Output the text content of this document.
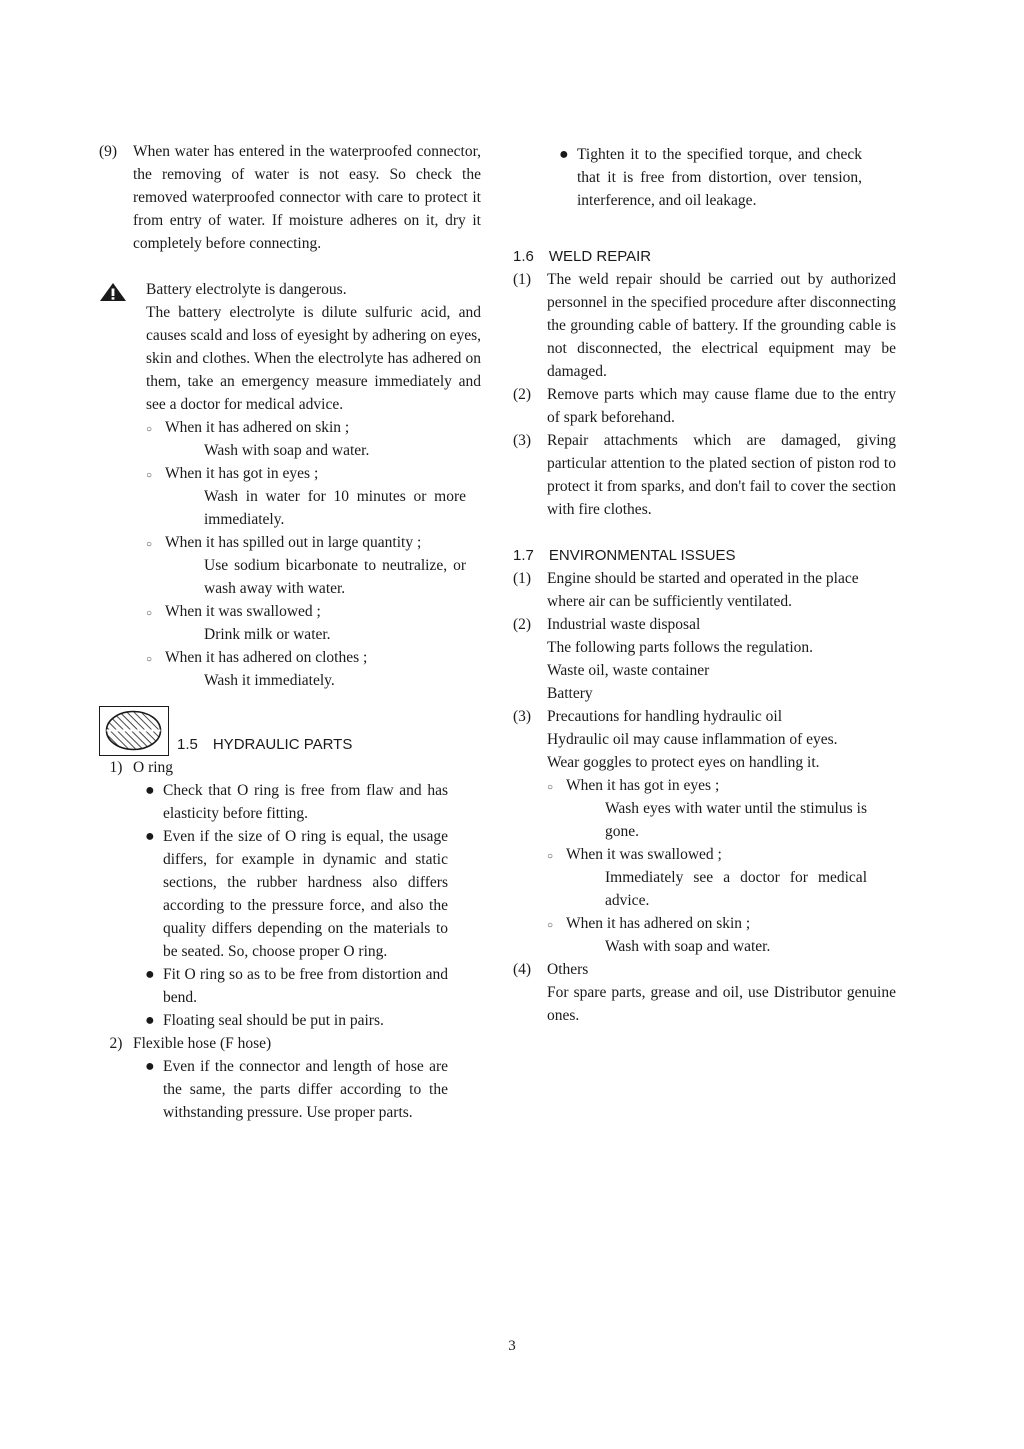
(9)	When water has entered in the waterproofed connector, the removing of water is not easy. So check the removed waterproofed connector with care to protect it from entry of water. If moisture adheres on it, dry it completely before connecting.

Battery electrolyte is dangerous.

The battery electrolyte is dilute sulfuric acid, and causes scald and loss of eyesight by adhering on eyes, skin and clothes. When the electrolyte has adhered on them, take an emergency measure immediately and see a doctor for medical advice.

○ When it has adhered on skin ;

Wash with soap and water.

○ When it has got in eyes ;

Wash in water for 10 minutes or more immediately.

○ When it has spilled out in large quantity ;

Use sodium bicarbonate to neutralize, or wash away with water.

○ When it was swallowed ;

Drink milk or water.

○ When it has adhered on clothes ;

Wash it immediately.

1.5　HYDRAULIC PARTS
1) O ring
● Check that O ring is free from flaw and has elasticity before fitting.

● Even if the size of O ring is equal, the usage differs, for example in dynamic and static sections, the rubber hardness also differs according to the pressure force, and also the quality differs depending on the materials to be seated. So, choose proper O ring.

● Fit O ring so as to be free from distortion and bend.

● Floating seal should be put in pairs.

2) Flexible hose (F hose)
● Even if the connector and length of hose are the same, the parts differ according to the withstanding pressure. Use proper parts.

● Tighten it to the specified torque, and check that it is free from distortion, over tension, interference, and oil leakage.

1.6　WELD REPAIR
(1)	The weld repair should be carried out by authorized personnel in the specified procedure after disconnecting the grounding cable of battery. If the grounding cable is not disconnected, the electrical equipment may be damaged.

(2)	Remove parts which may cause flame due to the entry of spark beforehand.

(3)	Repair attachments which are damaged, giving particular attention to the plated section of piston rod to protect it from sparks, and don't fail to cover the section with fire clothes.

1.7　ENVIRONMENTAL ISSUES
(1)	Engine should be started and operated in the place where air can be sufficiently ventilated.

(2)	Industrial waste disposal

The following parts follows the regulation.

Waste oil, waste container

Battery

(3)	Precautions for handling hydraulic oil

Hydraulic oil may cause inflammation of eyes.

Wear goggles to protect eyes on handling it.

○ When it has got in eyes ;

Wash eyes with water until the stimulus is gone.

○ When it was swallowed ;

Immediately see a doctor for medical advice.

○ When it has adhered on skin ;

Wash with soap and water.

(4)	Others

For spare parts, grease and oil, use Distributor genuine ones.

3
